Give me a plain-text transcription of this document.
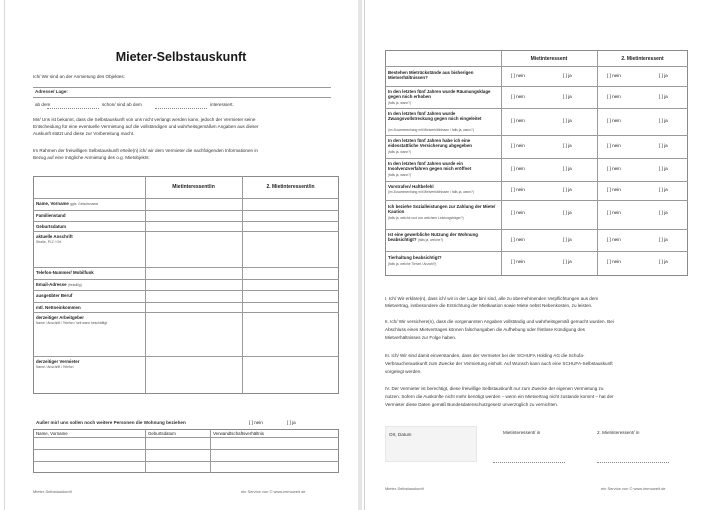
Mieter-Selbstauskunft
Ich/ Wir sind an der Anmietung des Objektes:
Adresse/ Lage:
ab dem	schon/ sind ab dem	interessiert.
Mir/ Uns ist bekannt, dass die Selbstauskunft von uns nicht verlangt werden kann, jedoch der Vermieter seine
Entscheidung für eine eventuelle Vermietung auf die vollständigen und wahrheitsgemäßen Angaben aus dieser
Auskunft stützt und diese zur Vorbereitung macht.
Im Rahmen der freiwilligen Selbstauskunft erteile(n) ich/ wir dem Vermieter die nachfolgenden Informationen in
Bezug auf eine mögliche Anmietung des o.g. Mietobjekts:
Mietinteressent/in	2. Mietinteressent/in
Name, Vorname ggfs. Geburtsname
Familienstand
Geburtsdatum
aktuelle Anschrift
Straße, PLZ / Ort
Telefon-Nummer/ Mobilfunk
Email-Adresse (freiwillig)
ausgeübter Beruf
mtl. Nettoeinkommen
derzeitiger Arbeitgeber
Name / Anschrift / Telefon / seit wann beschäftigt
derzeitiger Vermieter
Name / Anschrift / Telefon
Außer mir/ uns sollen noch weitere Personen die Wohnung beziehen	[ ] nein	[ ] ja
Name, Vorname	Geburtsdatum	Verwandtschaftsverhältnis
Mieter-Selbstauskunft	ein Service von © www.immowelt.de
Mietinteressent	2. Mietinteressent
Bestehen Mietrückstände aus bisherigen Mietverhältnissen?	[ ] nein	[ ] ja	[ ] nein	[ ] ja
In den letzten fünf Jahren wurde Räumungsklage gegen mich erhoben
(falls ja, wann?)
[ ] nein	[ ] ja	[ ] nein	[ ] ja
In den letzten fünf Jahren wurde Zwangsvollstreckung gegen mich eingeleitet
(im Zusammenhang mit Mietverhältnissen / falls ja, wann?)
[ ] nein	[ ] ja	[ ] nein	[ ] ja
In den letzten fünf Jahren habe ich eine eidesstattliche Versicherung abgegeben
(falls ja, wann?)
[ ] nein	[ ] ja	[ ] nein	[ ] ja
In den letzten fünf Jahren wurde ein Insolvenzverfahren gegen mich eröffnet
(falls ja, wann?)
[ ] nein	[ ] ja	[ ] nein	[ ] ja
Vorstrafen/ Haftbefehl
(im Zusammenhang mit Mietverhältnissen / falls ja, wann?)	[ ] nein	[ ] ja	[ ] nein	[ ] ja
Ich beziehe Sozialleistungen zur Zahlung der Miete/ Kaution
(falls ja, welche und von welchem Leistungsträger?)
[ ] nein	[ ] ja	[ ] nein	[ ] ja
Ist eine gewerbliche Nutzung der Wohnung beabsichtigt? (falls ja, welche?)	[ ] nein	[ ] ja	[ ] nein	[ ] ja
Tierhaltung beabsichtigt?
(falls ja, welche Tierart / Anzahl?)	[ ] nein	[ ] ja	[ ] nein	[ ] ja
I. Ich/ Wir erkläre(n), dass ich/ wir in der Lage bin/ sind, alle zu übernehmenden Verpflichtungen aus dem
Mietvertrag, insbesondere die Entrichtung der Mietkaution sowie Miete nebst Nebenkosten, zu leisten.
II. Ich/ Wir versichere(n), dass die vorgenannten Angaben vollständig und wahrheitsgemäß gemacht wurden. Bei
Abschluss eines Mietvertrages können falschangaben die Aufhebung oder fristlose Kündigung des
Mietverhältnisses zur Folge haben.
III. Ich/ Wir sind damit einverstanden, dass der Vermieter bei der SCHUFA Holding AG die Schufa-
Verbraucherauskunft zum Zwecke der Vermietung einholt. Auf Wunsch kann auch eine SCHUFA-Selbstauskunft
vorgelegt werden.
IV. Der Vermieter ist berechtigt, diese freiwillige Selbstauskunft nur zum Zwecke der eigenen Vermietung zu
nutzen. Sofern die Auskünfte nicht mehr benötigt werden – wenn ein Mietvertrag nicht zustande kommt – hat der
Vermieter diese Daten gemäß Bundesdatenschutzgesetz unverzüglich zu vernichten.
Ort, Datum	Mietinteressent/ in	2. Mietinteressent/ in
Mieter-Selbstauskunft	ein Service von © www.immowelt.de
